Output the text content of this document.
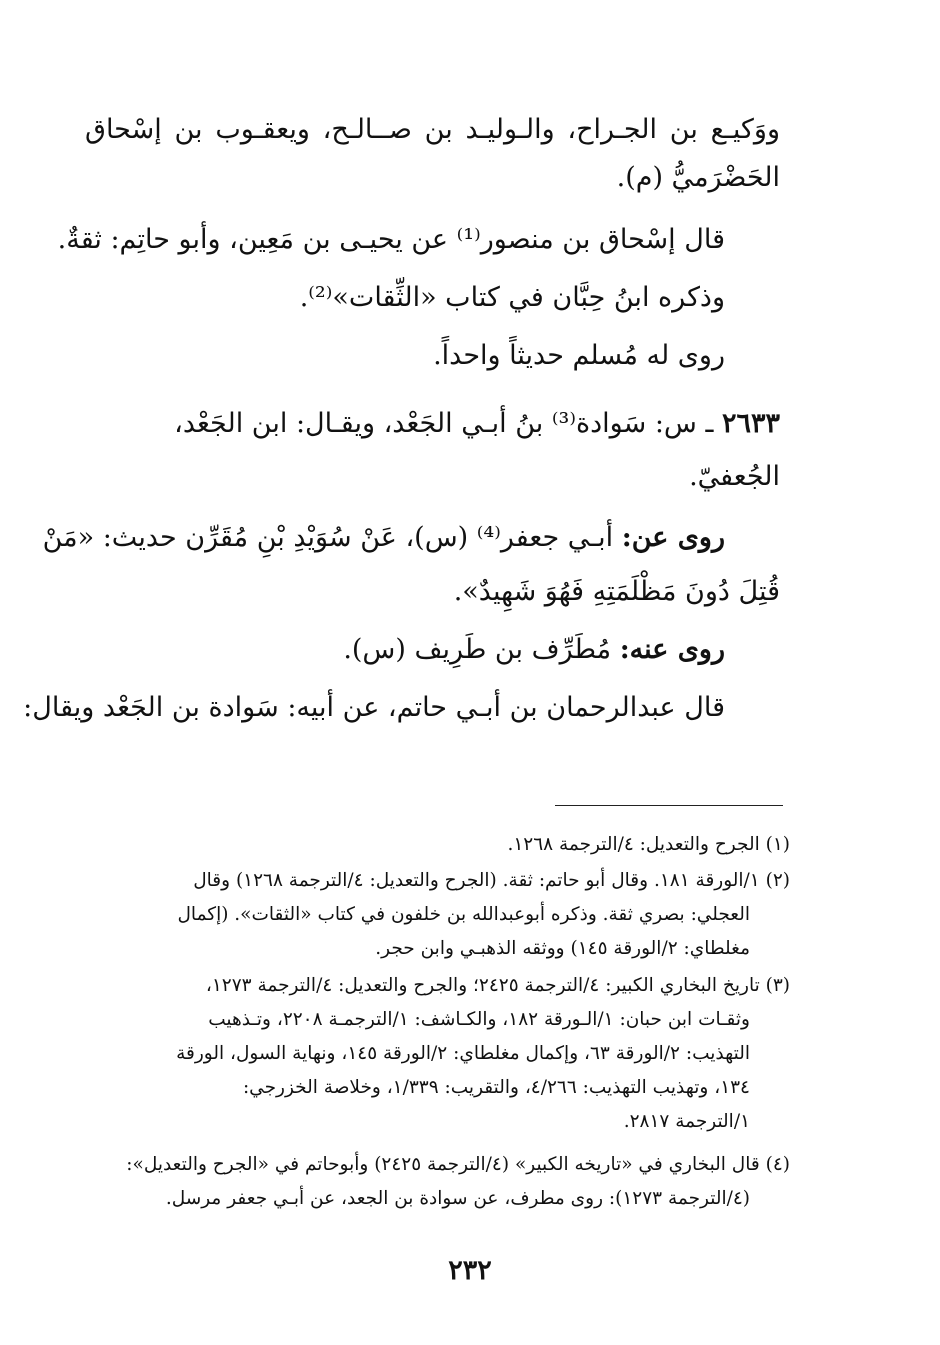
ووَكيـع بن الجـراح، والـوليـد بن صــالـح، ويعقـوب بن إسْحاق
الحَضْرَميُّ (م).
قال إسْحاق بن منصور⁽¹⁾ عن يحيـى بن مَعِين، وأبو حاتِم: ثقةٌ.
وذكره ابنُ حِبَّان في كتاب «الثِّقات»⁽²⁾.
روى له مُسلم حديثاً واحداً.
٢٦٣٣ ـ س: سَوادة⁽³⁾ بنُ أبـي الجَعْد، ويقـال: ابن الجَعْد،
الجُعفيّ.
روى عن: أبـي جعفر⁽⁴⁾ (س)، عَنْ سُوَيْدِ بْنِ مُقَرِّن حديث: «مَنْ
قُتِلَ دُونَ مَظْلَمَتِهِ فَهُوَ شَهِيدٌ».
روى عنه: مُطَرِّف بن طَرِيف (س).
قال عبدالرحمان بن أبـي حاتم، عن أبيه: سَوادة بن الجَعْد ويقال:
(١) الجرح والتعديل: ٤/الترجمة ١٢٦٨.
(٢) ١/الورقة ١٨١. وقال أبو حاتم: ثقة. (الجرح والتعديل: ٤/الترجمة ١٢٦٨) وقال
العجلي: بصري ثقة. وذكره أبوعبدالله بن خلفون في كتاب «الثقات». (إكمال
مغلطاي: ٢/الورقة ١٤٥) ووثقه الذهبـي وابن حجر.
(٣) تاريخ البخاري الكبير: ٤/الترجمة ٢٤٢٥؛ والجرح والتعديل: ٤/الترجمة ١٢٧٣،
وثقـات ابن حبان: ١/الـورقة ١٨٢، والكـاشف: ١/الترجمـة ٢٢٠٨، وتـذهيب
التهذيب: ٢/الورقة ٦٣، وإكمال مغلطاي: ٢/الورقة ١٤٥، ونهاية السول، الورقة
١٣٤، وتهذيب التهذيب: ٤/٢٦٦، والتقريب: ١/٣٣٩، وخلاصة الخزرجي:
١/الترجمة ٢٨١٧.
(٤) قال البخاري في «تاريخه الكبير» (٤/الترجمة ٢٤٢٥) وأبوحاتم في «الجرح والتعديل»:
(٤/الترجمة ١٢٧٣): روى مطرف، عن سوادة بن الجعد، عن أبـي جعفر مرسل.
٢٣٢
